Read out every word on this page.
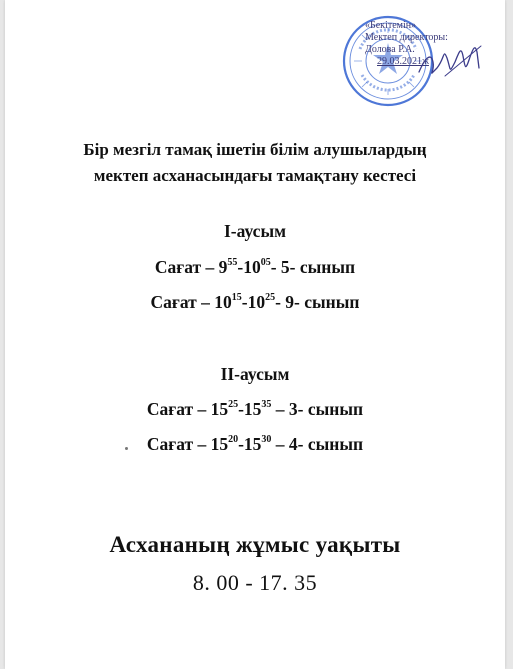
«Бекітемін»
Мектеп директоры:
Долова Р.А.
29.03.2021ж
Бір мезгіл тамақ ішетін білім алушылардың
мектеп асханасындағы тамақтану кестесі
I-аусым
Сағат – $9^{55}-10^{05}-$ 5- сынып
Сағат – $10^{15}-10^{25}-$ 9- сынып
II-аусым
Сағат – $15^{25}-15^{35} - 3-$ сынып
Сағат – $15^{20}-15^{30} - 4-$ сынып
Асхананың жұмыс уақыты
8. 00 - 17. 35
